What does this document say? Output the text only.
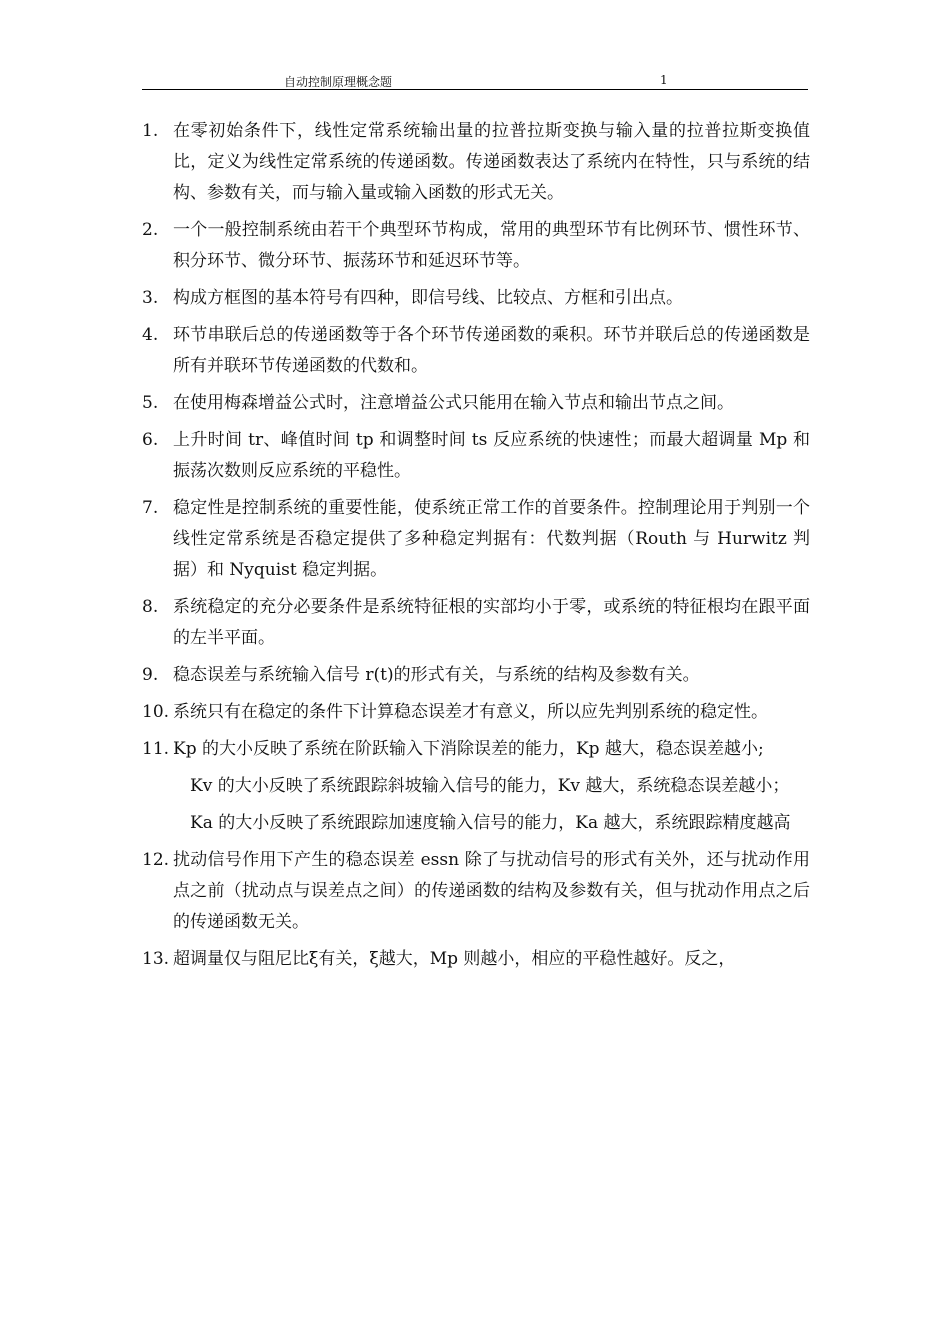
自动控制原理概念题	1
1. 在零初始条件下，线性定常系统输出量的拉普拉斯变换与输入量的拉普拉斯变换值比，定义为线性定常系统的传递函数。传递函数表达了系统内在特性，只与系统的结构、参数有关，而与输入量或输入函数的形式无关。
2. 一个一般控制系统由若干个典型环节构成，常用的典型环节有比例环节、惯性环节、积分环节、微分环节、振荡环节和延迟环节等。
3. 构成方框图的基本符号有四种，即信号线、比较点、方框和引出点。
4. 环节串联后总的传递函数等于各个环节传递函数的乘积。环节并联后总的传递函数是所有并联环节传递函数的代数和。
5. 在使用梅森增益公式时，注意增益公式只能用在输入节点和输出节点之间。
6. 上升时间 tr、峰值时间 tp 和调整时间 ts 反应系统的快速性；而最大超调量 Mp 和振荡次数则反应系统的平稳性。
7. 稳定性是控制系统的重要性能，使系统正常工作的首要条件。控制理论用于判别一个线性定常系统是否稳定提供了多种稳定判据有：代数判据（Routh 与 Hurwitz 判据）和 Nyquist 稳定判据。
8. 系统稳定的充分必要条件是系统特征根的实部均小于零，或系统的特征根均在跟平面的左半平面。
9. 稳态误差与系统输入信号 r(t)的形式有关，与系统的结构及参数有关。
10. 系统只有在稳定的条件下计算稳态误差才有意义，所以应先判别系统的稳定性。
11. Kp 的大小反映了系统在阶跃输入下消除误差的能力，Kp 越大，稳态误差越小;
Kv 的大小反映了系统跟踪斜坡输入信号的能力，Kv 越大，系统稳态误差越小；
Ka 的大小反映了系统跟踪加速度输入信号的能力，Ka 越大，系统跟踪精度越高
12. 扰动信号作用下产生的稳态误差 essn 除了与扰动信号的形式有关外，还与扰动作用点之前（扰动点与误差点之间）的传递函数的结构及参数有关，但与扰动作用点之后的传递函数无关。
13. 超调量仅与阻尼比ξ有关，ξ越大，Mp 则越小，相应的平稳性越好。反之，
